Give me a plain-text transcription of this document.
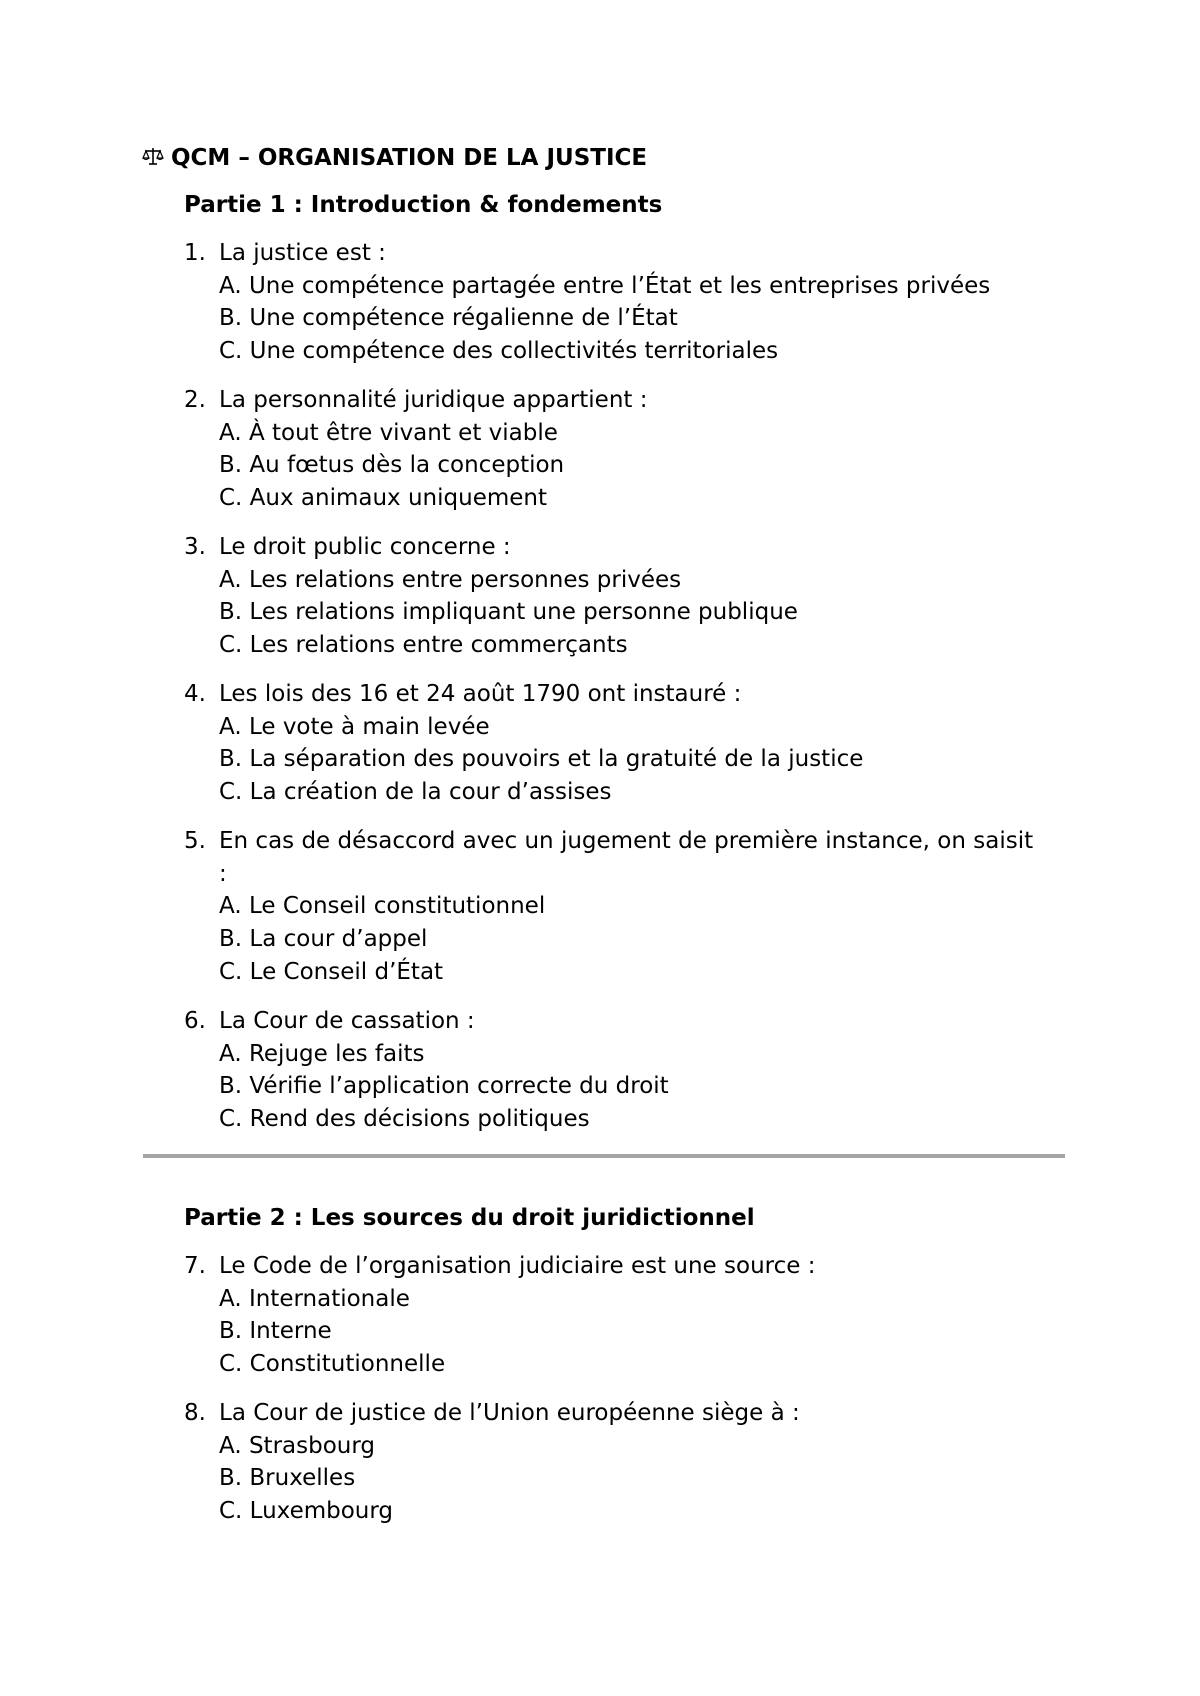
QCM – ORGANISATION DE LA JUSTICE
Partie 1 : Introduction & fondements
1. La justice est :
A. Une compétence partagée entre l’État et les entreprises privées
B. Une compétence régalienne de l’État
C. Une compétence des collectivités territoriales
2. La personnalité juridique appartient :
A. À tout être vivant et viable
B. Au fœtus dès la conception
C. Aux animaux uniquement
3. Le droit public concerne :
A. Les relations entre personnes privées
B. Les relations impliquant une personne publique
C. Les relations entre commerçants
4. Les lois des 16 et 24 août 1790 ont instauré :
A. Le vote à main levée
B. La séparation des pouvoirs et la gratuité de la justice
C. La création de la cour d’assises
5. En cas de désaccord avec un jugement de première instance, on saisit :
A. Le Conseil constitutionnel
B. La cour d’appel
C. Le Conseil d’État
6. La Cour de cassation :
A. Rejuge les faits
B. Vérifie l’application correcte du droit
C. Rend des décisions politiques
Partie 2 : Les sources du droit juridictionnel
7. Le Code de l’organisation judiciaire est une source :
A. Internationale
B. Interne
C. Constitutionnelle
8. La Cour de justice de l’Union européenne siège à :
A. Strasbourg
B. Bruxelles
C. Luxembourg
